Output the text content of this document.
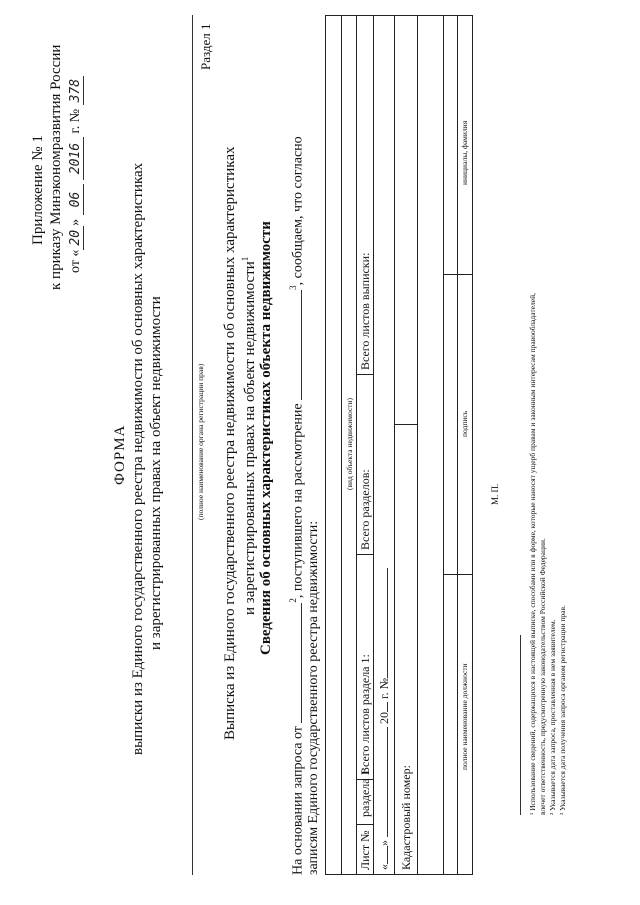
Приложение № 1 к приказу Минэкономразвития России от «20» 06 2016 г. № 378
ФОРМА выписки из Единого государственного реестра недвижимости об основных характеристиках и зарегистрированных правах на объект недвижимости	(полное наименование органа регистрации прав)
Раздел 1
Выписка из Единого государственного реестра недвижимости об основных характеристиках и зарегистрированных правах на объект недвижимости$^1$ Сведения об основных характеристиках объекта недвижимости
На основании запроса от $^2$, поступившего на рассмотрение $^3$, сообщаем, что согласно
записям Единого государственного реестра недвижимости:
(вид объекта недвижимости)
Лист №
раздела 1
Всего листов раздела 1:
Всего разделов:
Всего листов выписки:
«»  20 г. №
Кадастровый номер:
полное наименование должности
подпись
инициалы, фамилия
М. П.	¹ Использование сведений, содержащихся в настоящей выписке, способами или в форме, которые наносят ущерб правам и законным интересам правообладателей, влечет ответственность, предусмотренную законодательством Российской Федерации. ² Указывается дата запроса, проставленная в нем заявителем. ³ Указывается дата получения запроса органом регистрации прав.
